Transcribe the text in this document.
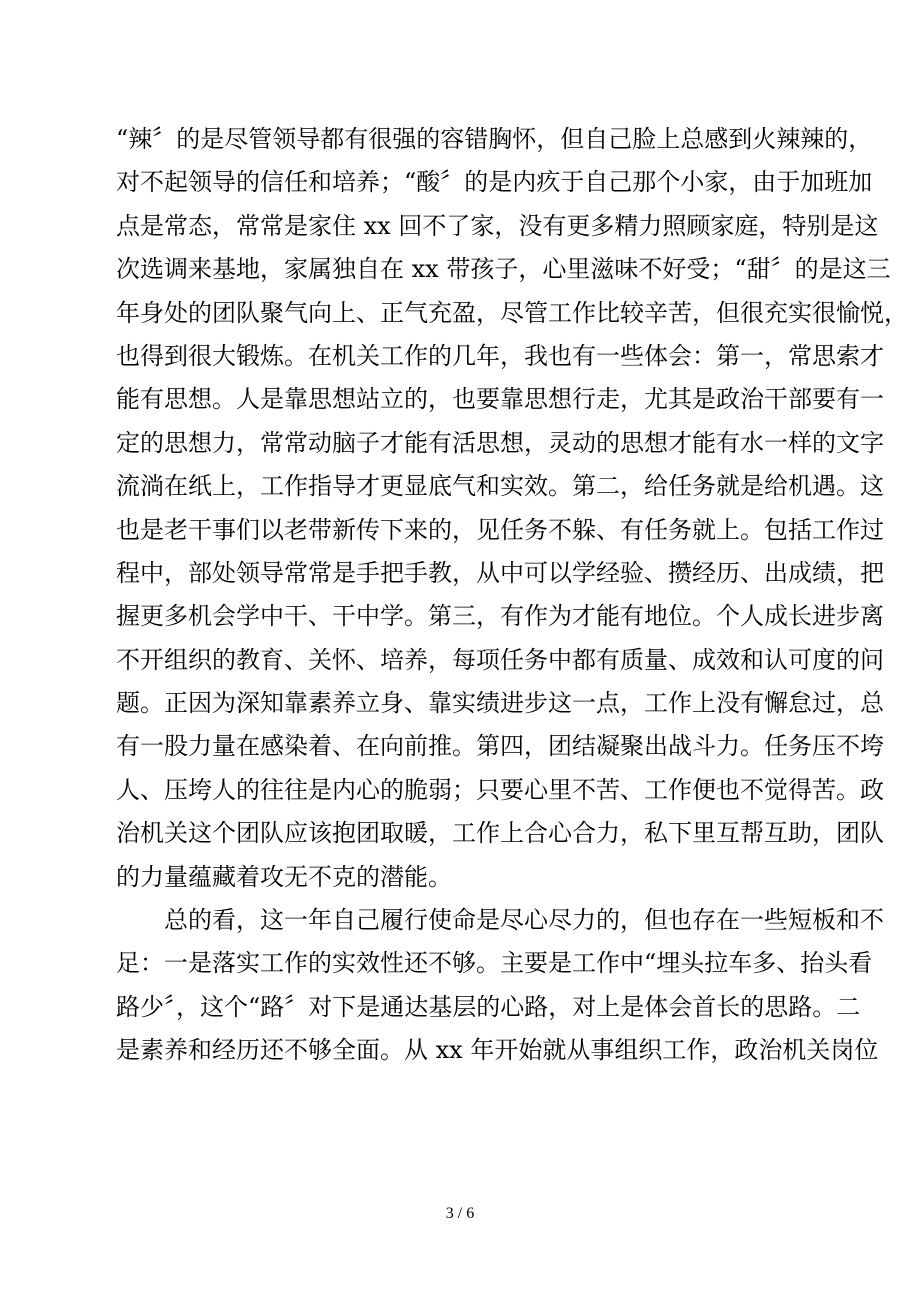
“辣〞的是尽管领导都有很强的容错胸怀，但自己脸上总感到火辣辣的，
对不起领导的信任和培养；“酸〞的是内疚于自己那个小家，由于加班加
点是常态，常常是家住 xx 回不了家，没有更多精力照顾家庭，特别是这
次选调来基地，家属独自在 xx 带孩子，心里滋味不好受；“甜〞的是这三
年身处的团队聚气向上、正气充盈，尽管工作比较辛苦，但很充实很愉悦，
也得到很大锻炼。在机关工作的几年，我也有一些体会：第一，常思索才
能有思想。人是靠思想站立的，也要靠思想行走，尤其是政治干部要有一
定的思想力，常常动脑子才能有活思想，灵动的思想才能有水一样的文字
流淌在纸上，工作指导才更显底气和实效。第二，给任务就是给机遇。这
也是老干事们以老带新传下来的，见任务不躲、有任务就上。包括工作过
程中，部处领导常常是手把手教，从中可以学经验、攒经历、出成绩，把
握更多机会学中干、干中学。第三，有作为才能有地位。个人成长进步离
不开组织的教育、关怀、培养，每项任务中都有质量、成效和认可度的问
题。正因为深知靠素养立身、靠实绩进步这一点，工作上没有懈怠过，总
有一股力量在感染着、在向前推。第四，团结凝聚出战斗力。任务压不垮
人、压垮人的往往是内心的脆弱；只要心里不苦、工作便也不觉得苦。政
治机关这个团队应该抱团取暖，工作上合心合力，私下里互帮互助，团队
的力量蕴藏着攻无不克的潜能。

　　总的看，这一年自己履行使命是尽心尽力的，但也存在一些短板和不
足：一是落实工作的实效性还不够。主要是工作中“埋头拉车多、抬头看
路少〞，这个“路〞对下是通达基层的心路，对上是体会首长的思路。二
是素养和经历还不够全面。从 xx 年开始就从事组织工作，政治机关岗位

3 / 6
